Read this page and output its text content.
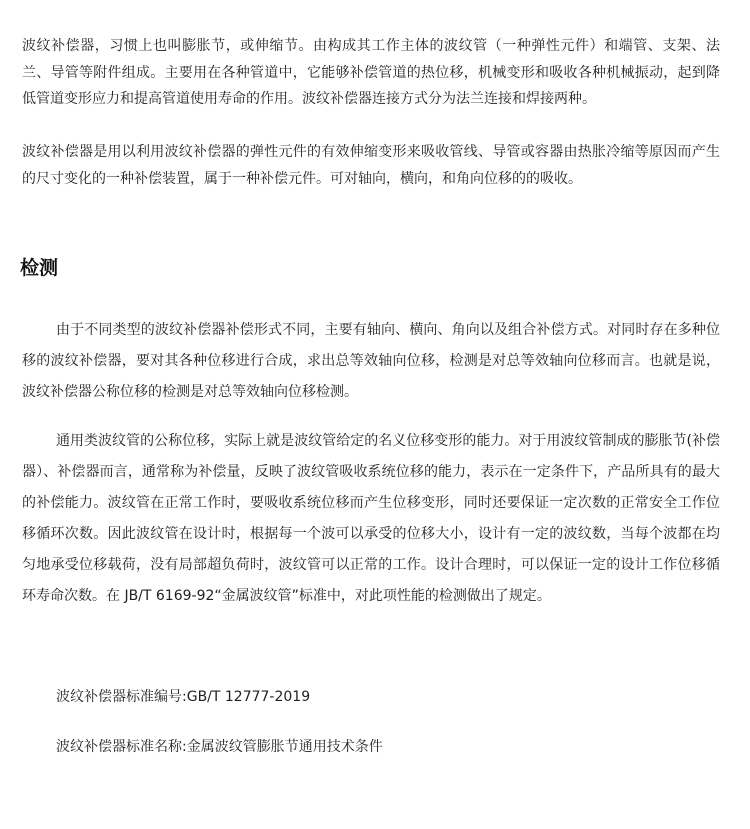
波纹补偿器，习惯上也叫膨胀节，或伸缩节。由构成其工作主体的波纹管（一种弹性元件）和端管、支架、法兰、导管等附件组成。主要用在各种管道中，它能够补偿管道的热位移，机械变形和吸收各种机械振动，起到降低管道变形应力和提高管道使用寿命的作用。波纹补偿器连接方式分为法兰连接和焊接两种。

波纹补偿器是用以利用波纹补偿器的弹性元件的有效伸缩变形来吸收管线、导管或容器由热胀冷缩等原因而产生的尺寸变化的一种补偿装置，属于一种补偿元件。可对轴向，横向，和角向位移的的吸收。

检测

由于不同类型的波纹补偿器补偿形式不同，主要有轴向、横向、角向以及组合补偿方式。对同时存在多种位移的波纹补偿器，要对其各种位移进行合成，求出总等效轴向位移，检测是对总等效轴向位移而言。也就是说，波纹补偿器公称位移的检测是对总等效轴向位移检测。

通用类波纹管的公称位移，实际上就是波纹管给定的名义位移变形的能力。对于用波纹管制成的膨胀节(补偿器）、补偿器而言，通常称为补偿量，反映了波纹管吸收系统位移的能力，表示在一定条件下，产品所具有的最大的补偿能力。波纹管在正常工作时，要吸收系统位移而产生位移变形，同时还要保证一定次数的正常安全工作位移循环次数。因此波纹管在设计时，根据每一个波可以承受的位移大小，设计有一定的波纹数，当每个波都在均匀地承受位移载荷，没有局部超负荷时，波纹管可以正常的工作。设计合理时，可以保证一定的设计工作位移循环寿命次数。在 JB/T 6169-92“金属波纹管”标准中，对此项性能的检测做出了规定。

波纹补偿器标准编号:GB/T 12777-2019

波纹补偿器标准名称:金属波纹管膨胀节通用技术条件
